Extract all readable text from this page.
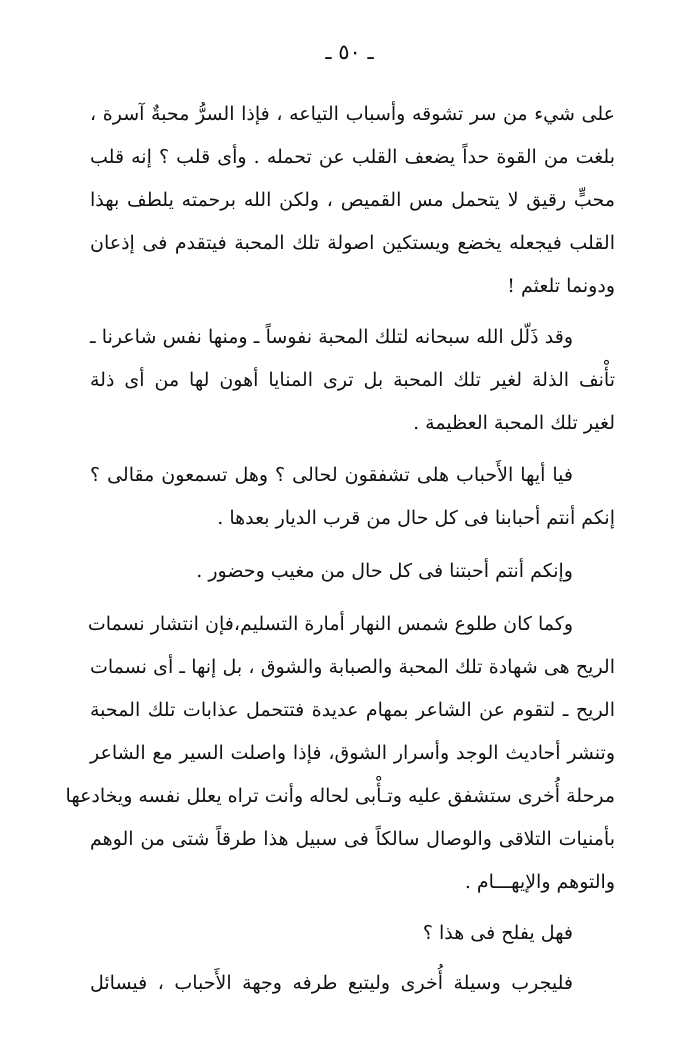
ـ ٥٠ ـ
على شيء من سر تشوقه وأسباب التياعه ، فإذا السرُّ محبةٌ آسرة ،
بلغت من القوة حداً يضعف القلب عن تحمله . وأى قلب ؟ إنه قلب
محبٍّ رقيق لا يتحمل مس القميص ، ولكن الله برحمته يلطف بهذا
القلب فيجعله يخضع ويستكين اصولة تلك المحبة فيتقدم فى إذعان
ودونما تلعثم !
وقد ذَلّل الله سبحانه لتلك المحبة نفوساً ـ ومنها نفس شاعرنا ـ
تأْنف الذلة لغير تلك المحبة بل ترى المنايا أهون لها من أى ذلة
لغير تلك المحبة العظيمة .
فيا أيها الأَحباب هلى تشفقون لحالى ؟ وهل تسمعون مقالى ؟
إنكم أنتم أحبابنا فى كل حال من قرب الديار بعدها .
وإنكم أنتم أحبتنا فى كل حال من مغيب وحضور .
وكما كان طلوع شمس النهار أمارة التسليم،فإن انتشار نسمات
الريح هى شهادة تلك المحبة والصبابة والشوق ، بل إنها ـ أى نسمات
الريح ـ لتقوم عن الشاعر بمهام عديدة فتتحمل عذابات تلك المحبة
وتنشر أحاديث الوجد وأسرار الشوق، فإذا واصلت السير مع الشاعر
مرحلة أُخرى ستشفق عليه وتـأْبى لحاله وأنت تراه يعلل نفسه ويخادعها
بأمنيات التلاقى والوصال سالكاً فى سبيل هذا طرقاً شتى من الوهم
والتوهم والإيهـــام .
فهل يفلح فى هذا ؟
فليجرب وسيلة أُخرى وليتبع طرفه وجهة الأَحباب ، فيسائل
